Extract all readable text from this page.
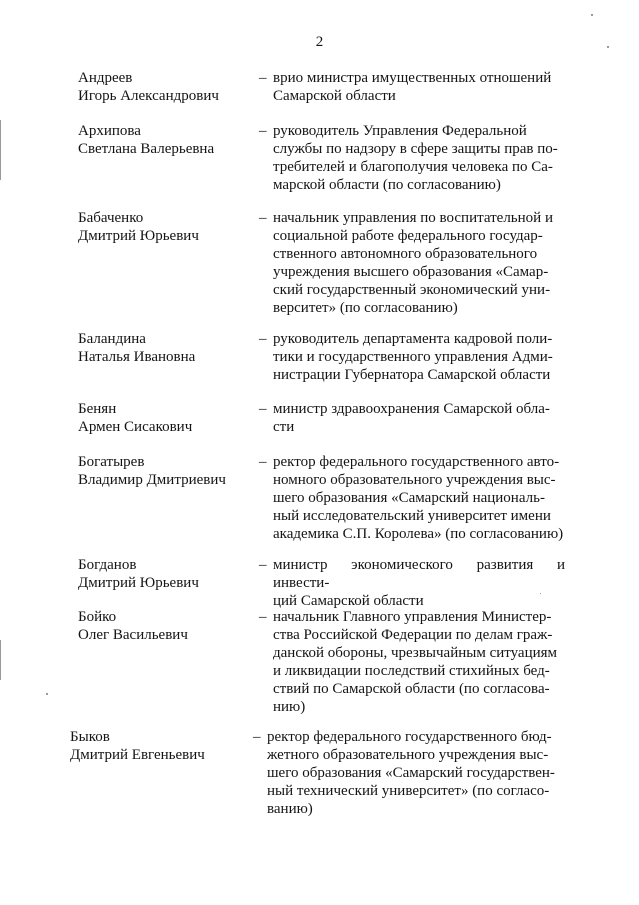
2
Андреев
Игорь Александрович
– врио министра имущественных отношений
Самарской области
Архипова
Светлана Валерьевна
– руководитель Управления Федеральной
службы по надзору в сфере защиты прав по-
требителей и благополучия человека по Са-
марской области (по согласованию)
Бабаченко
Дмитрий Юрьевич
– начальник управления по воспитательной и
социальной работе федерального государ-
ственного автономного образовательного
учреждения высшего образования «Самар-
ский государственный экономический уни-
верситет» (по согласованию)
Баландина
Наталья Ивановна
– руководитель департамента кадровой поли-
тики и государственного управления Адми-
нистрации Губернатора Самарской области
Бенян
Армен Сисакович
– министр здравоохранения Самарской обла-
сти
Богатырев
Владимир Дмитриевич
– ректор федерального государственного авто-
номного образовательного учреждения выс-
шего образования «Самарский националь-
ный исследовательский университет имени
академика С.П. Королева» (по согласованию)
Богданов
Дмитрий Юрьевич
– министр экономического развития и инвести-
ций Самарской области
Бойко
Олег Васильевич
– начальник Главного управления Министер-
ства Российской Федерации по делам граж-
данской обороны, чрезвычайным ситуациям
и ликвидации последствий стихийных бед-
ствий по Самарской области (по согласова-
нию)
Быков
Дмитрий Евгеньевич
– ректор федерального государственного бюд-
жетного образовательного учреждения выс-
шего образования «Самарский государствен-
ный технический университет» (по согласо-
ванию)
